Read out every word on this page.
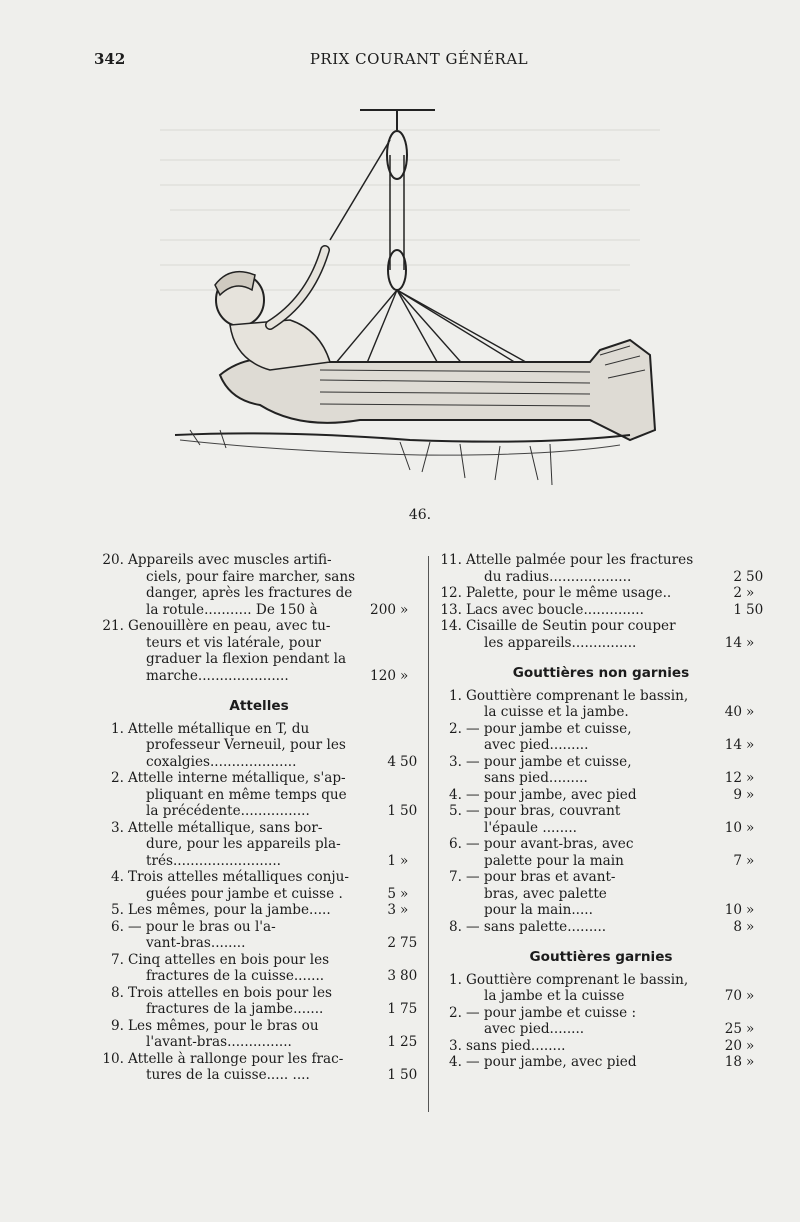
342	PRIX COURANT GÉNÉRAL
46.
20. Appareils avec muscles artifi-
ciels, pour faire marcher, sans
danger, après les fractures de
la rotule........... De 150 à	200 »
21. Genouillère en peau, avec tu-
teurs et vis latérale, pour
graduer la flexion pendant la
marche.....................	120 »
Attelles
1. Attelle métallique en T, du
professeur Verneuil, pour les
coxalgies....................	4 50
2. Attelle interne métallique, s'ap-
pliquant en même temps que
la précédente................	1 50
3. Attelle métallique, sans bor-
dure, pour les appareils pla-
trés.........................	1 »
4. Trois attelles métalliques conju-
guées pour jambe et cuisse .	5 »
5. Les mêmes, pour la jambe.....	3 »
6. — pour le bras ou l'a-
vant-bras........	2 75
7. Cinq attelles en bois pour les
fractures de la cuisse.......	3 80
8. Trois attelles en bois pour les
fractures de la jambe.......	1 75
9. Les mêmes, pour le bras ou
l'avant-bras...............	1 25
10. Attelle à rallonge pour les frac-
tures de la cuisse..... ....	1 50
11. Attelle palmée pour les fractures
du radius...................	2 50
12. Palette, pour le même usage..	2 »
13. Lacs avec boucle..............	1 50
14. Cisaille de Seutin pour couper
les appareils...............	14 »
Gouttières non garnies
1. Gouttière comprenant le bassin,
la cuisse et la jambe.	40 »
2. — pour jambe et cuisse,
avec pied.........	14 »
3. — pour jambe et cuisse,
sans pied.........	12 »
4. — pour jambe, avec pied	9 »
5. — pour bras, couvrant
l'épaule ........	10 »
6. — pour avant-bras, avec
palette pour la main	7 »
7. — pour bras et avant-
bras, avec palette
pour la main.....	10 »
8. — sans palette.........	8 »
Gouttières garnies
1. Gouttière comprenant le bassin,
la jambe et la cuisse	70 »
2. — pour jambe et cuisse :
avec pied........	25 »
3. sans pied........	20 »
4. — pour jambe, avec pied	18 »
